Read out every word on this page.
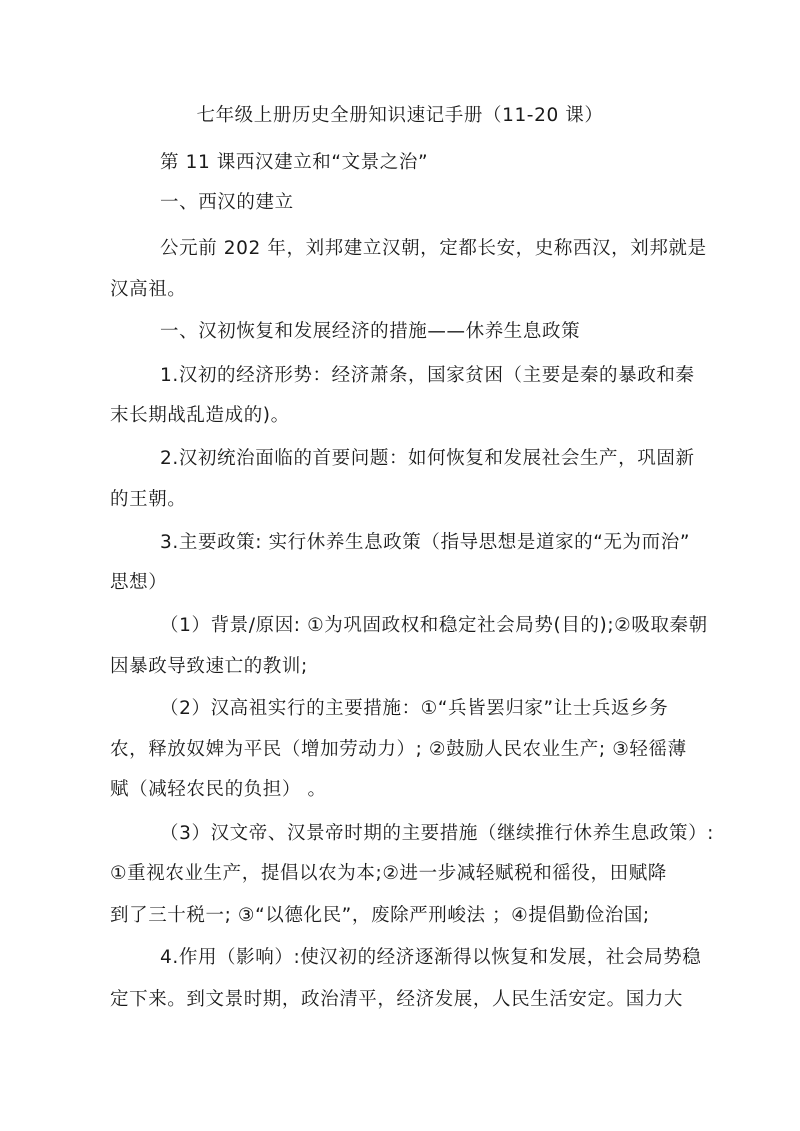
七年级上册历史全册知识速记手册（11-20 课）
第 11 课西汉建立和“文景之治”
一、西汉的建立
公元前 202 年，刘邦建立汉朝，定都长安，史称西汉，刘邦就是
汉高祖。
一、汉初恢复和发展经济的措施——休养生息政策
1.汉初的经济形势：经济萧条，国家贫困（主要是秦的暴政和秦
末长期战乱造成的)。
2.汉初统治面临的首要问题：如何恢复和发展社会生产，巩固新
的王朝。
3.主要政策: 实行休养生息政策（指导思想是道家的“无为而治”
思想）
（1）背景/原因: ①为巩固政权和稳定社会局势(目的);②吸取秦朝
因暴政导致速亡的教训;
（2）汉高祖实行的主要措施：①“兵皆罢归家”让士兵返乡务
农，释放奴婢为平民（增加劳动力）; ②鼓励人民农业生产; ③轻徭薄
赋（减轻农民的负担） 。
（3）汉文帝、汉景帝时期的主要措施（继续推行休养生息政策）:
①重视农业生产，提倡以农为本;②进一步减轻赋税和徭役，田赋降
到了三十税一; ③“以德化民”，废除严刑峻法 ；④提倡勤俭治国;
4.作用（影响）:使汉初的经济逐渐得以恢复和发展，社会局势稳
定下来。到文景时期，政治清平，经济发展，人民生活安定。国力大
